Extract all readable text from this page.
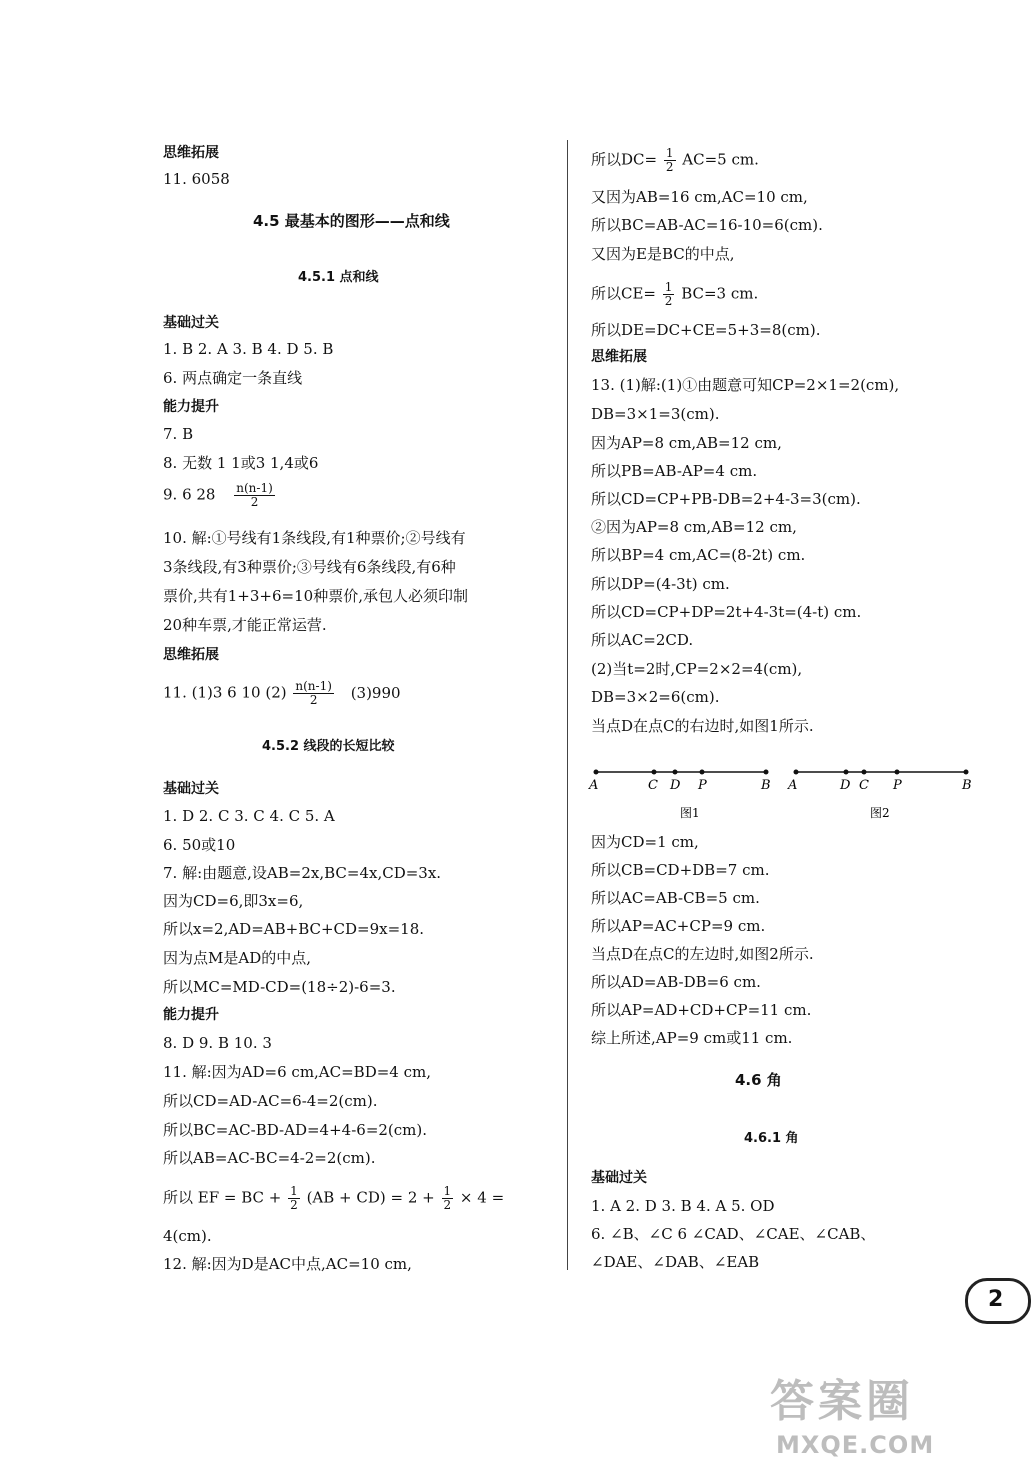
思维拓展
11. 6058
4.5 最基本的图形——点和线
4.5.1 点和线
基础过关
1. B 2. A 3. B 4. D 5. B
6. 两点确定一条直线
能力提升
7. B
8. 无数 1 1或3 1,4或6
9. 6 $28 \frac{n(n-1)}{2}$
10. 解:①号线有1条线段,有1种票价;②号线有
3条线段,有3种票价;③号线有6条线段,有6种
票价,共有1+3+6=10种票价,承包人必须印制
20种车票,才能正常运营.
思维拓展
11. (1)3 6 10 $(2) \frac{n(n-1)}{2} (3)990$
4.5.2 线段的长短比较
基础过关
1. D 2. C 3. C 4. C 5. A
6. 50或10
7. 解:由题意,设AB=2x,BC=4x,CD=3x.
因为CD=6,即3x=6,
所以x=2,AD=AB+BC+CD=9x=18.
因为点M是AD的中点,
所以MC=MD-CD=(18÷2)-6=3.
能力提升
8. D 9. B 10. 3
11. 解:因为AD=6 cm,AC=BD=4 cm,
所以CD=AD-AC=6-4=2(cm).
所以BC=AC-BD-AD=4+4-6=2(cm).
所以AB=AC-BC=4-2=2(cm).
所以 EF = BC + $\frac{1}{2} (AB + CD) = 2 + \frac{1}{2} \times 4$ =
4(cm).
12. 解:因为D是AC中点,AC=10 cm,
所以$DC= \frac{1}{2} AC=5$ cm.
又因为AB=16 cm,AC=10 cm,
所以BC=AB-AC=16-10=6(cm).
又因为E是BC的中点,
所以$CE= \frac{1}{2} BC=3$ cm.
所以DE=DC+CE=5+3=8(cm).
思维拓展
13. (1)解:(1)①由题意可知CP=2×1=2(cm),
DB=3×1=3(cm).
因为AP=8 cm,AB=12 cm,
所以PB=AB-AP=4 cm.
所以CD=CP+PB-DB=2+4-3=3(cm).
②因为AP=8 cm,AB=12 cm,
所以BP=4 cm,AC=(8-2t) cm.
所以DP=(4-3t) cm.
所以CD=CP+DP=2t+4-3t=(4-t) cm.
所以AC=2CD.
(2)当t=2时,CP=2×2=4(cm),
DB=3×2=6(cm).
当点D在点C的右边时,如图1所示.
A	C D P	B
图1
A	D C P	B
图2
因为CD=1 cm,
所以CB=CD+DB=7 cm.
所以AC=AB-CB=5 cm.
所以AP=AC+CP=9 cm.
当点D在点C的左边时,如图2所示.
所以AD=AB-DB=6 cm.
所以AP=AD+CD+CP=11 cm.
综上所述,AP=9 cm或11 cm.
4.6 角
4.6.1 角
基础过关
1. A 2. D 3. B 4. A 5. OD
6. ∠B、∠C 6 ∠CAD、∠CAE、∠CAB、
∠DAE、∠DAB、∠EAB
2
答案圈
MXQE.COM
